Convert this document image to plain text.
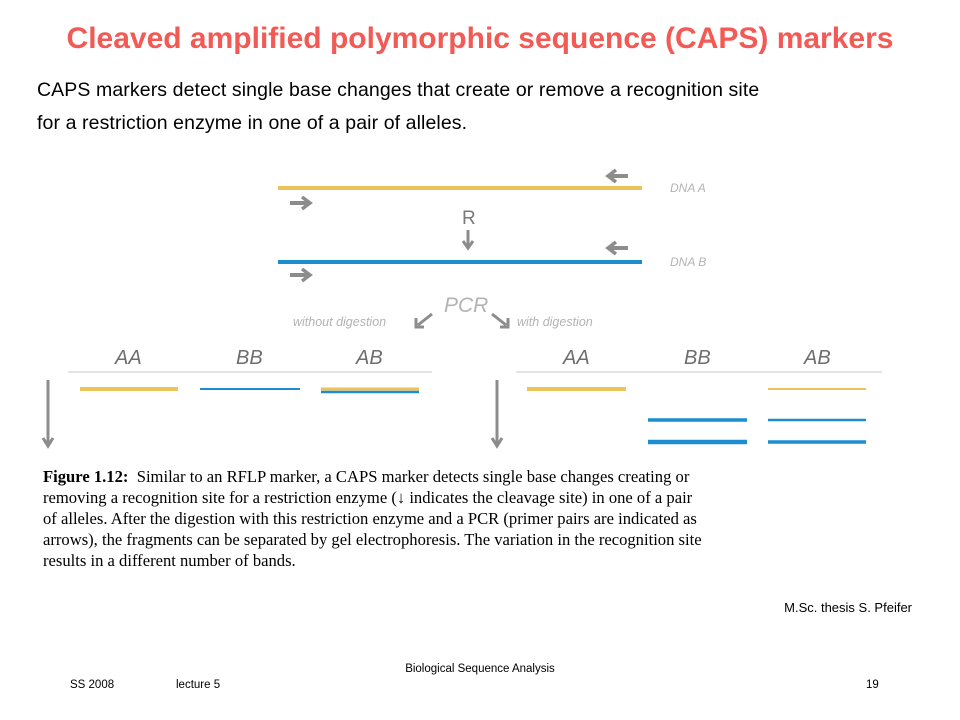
Cleaved amplified polymorphic sequence (CAPS) markers
CAPS markers detect single base changes that create or remove a recognition site
for a restriction enzyme in one of a pair of alleles.
DNA A
DNA B
R
PCR
without digestion	with digestion
AA	BB	AB	AA	BB	AB
Figure 1.12: Similar to an RFLP marker, a CAPS marker detects single base changes creating or
removing a recognition site for a restriction enzyme (↓ indicates the cleavage site) in one of a pair
of alleles. After the digestion with this restriction enzyme and a PCR (primer pairs are indicated as
arrows), the fragments can be separated by gel electrophoresis. The variation in the recognition site
results in a different number of bands.
M.Sc. thesis S. Pfeifer
Biological Sequence Analysis
SS 2008	lecture 5	19
